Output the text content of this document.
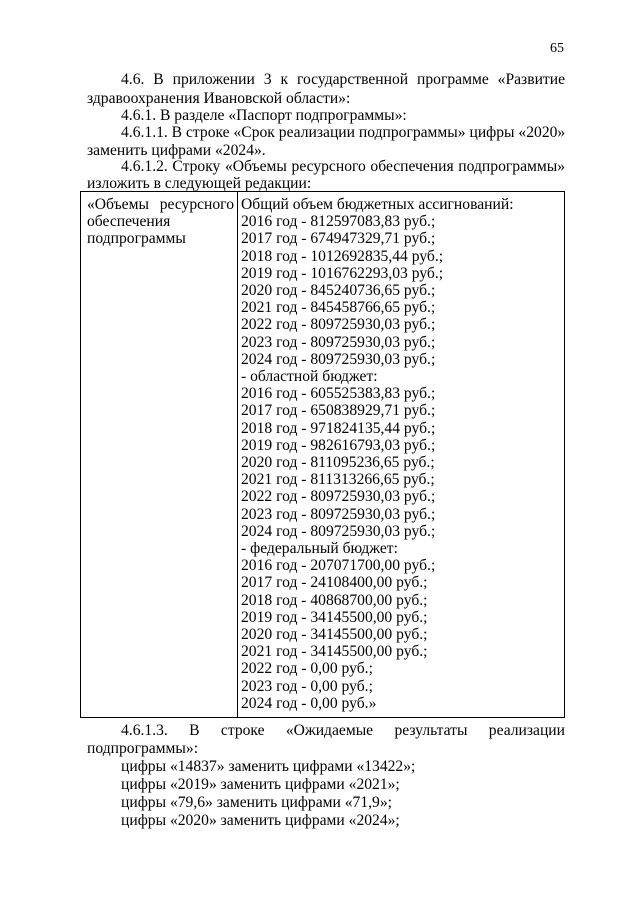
65
4.6. В приложении 3 к государственной программе «Развитие
здравоохранения Ивановской области»:
4.6.1. В разделе «Паспорт подпрограммы»:
4.6.1.1. В строке «Срок реализации подпрограммы» цифры «2020»
заменить цифрами «2024».
4.6.1.2. Строку «Объемы ресурсного обеспечения подпрограммы»
изложить в следующей редакции:
«Объемы ресурсного
обеспечения
подпрограммы
Общий объем бюджетных ассигнований:
2016 год - 812597083,83 руб.;
2017 год - 674947329,71 руб.;
2018 год - 1012692835,44 руб.;
2019 год - 1016762293,03 руб.;
2020 год - 845240736,65 руб.;
2021 год - 845458766,65 руб.;
2022 год - 809725930,03 руб.;
2023 год - 809725930,03 руб.;
2024 год - 809725930,03 руб.;
- областной бюджет:
2016 год - 605525383,83 руб.;
2017 год - 650838929,71 руб.;
2018 год - 971824135,44 руб.;
2019 год - 982616793,03 руб.;
2020 год - 811095236,65 руб.;
2021 год - 811313266,65 руб.;
2022 год - 809725930,03 руб.;
2023 год - 809725930,03 руб.;
2024 год - 809725930,03 руб.;
- федеральный бюджет:
2016 год - 207071700,00 руб.;
2017 год - 24108400,00 руб.;
2018 год - 40868700,00 руб.;
2019 год - 34145500,00 руб.;
2020 год - 34145500,00 руб.;
2021 год - 34145500,00 руб.;
2022 год - 0,00 руб.;
2023 год - 0,00 руб.;
2024 год - 0,00 руб.»
4.6.1.3. В строке «Ожидаемые результаты реализации
подпрограммы»:
цифры «14837» заменить цифрами «13422»;
цифры «2019» заменить цифрами «2021»;
цифры «79,6» заменить цифрами «71,9»;
цифры «2020» заменить цифрами «2024»;
